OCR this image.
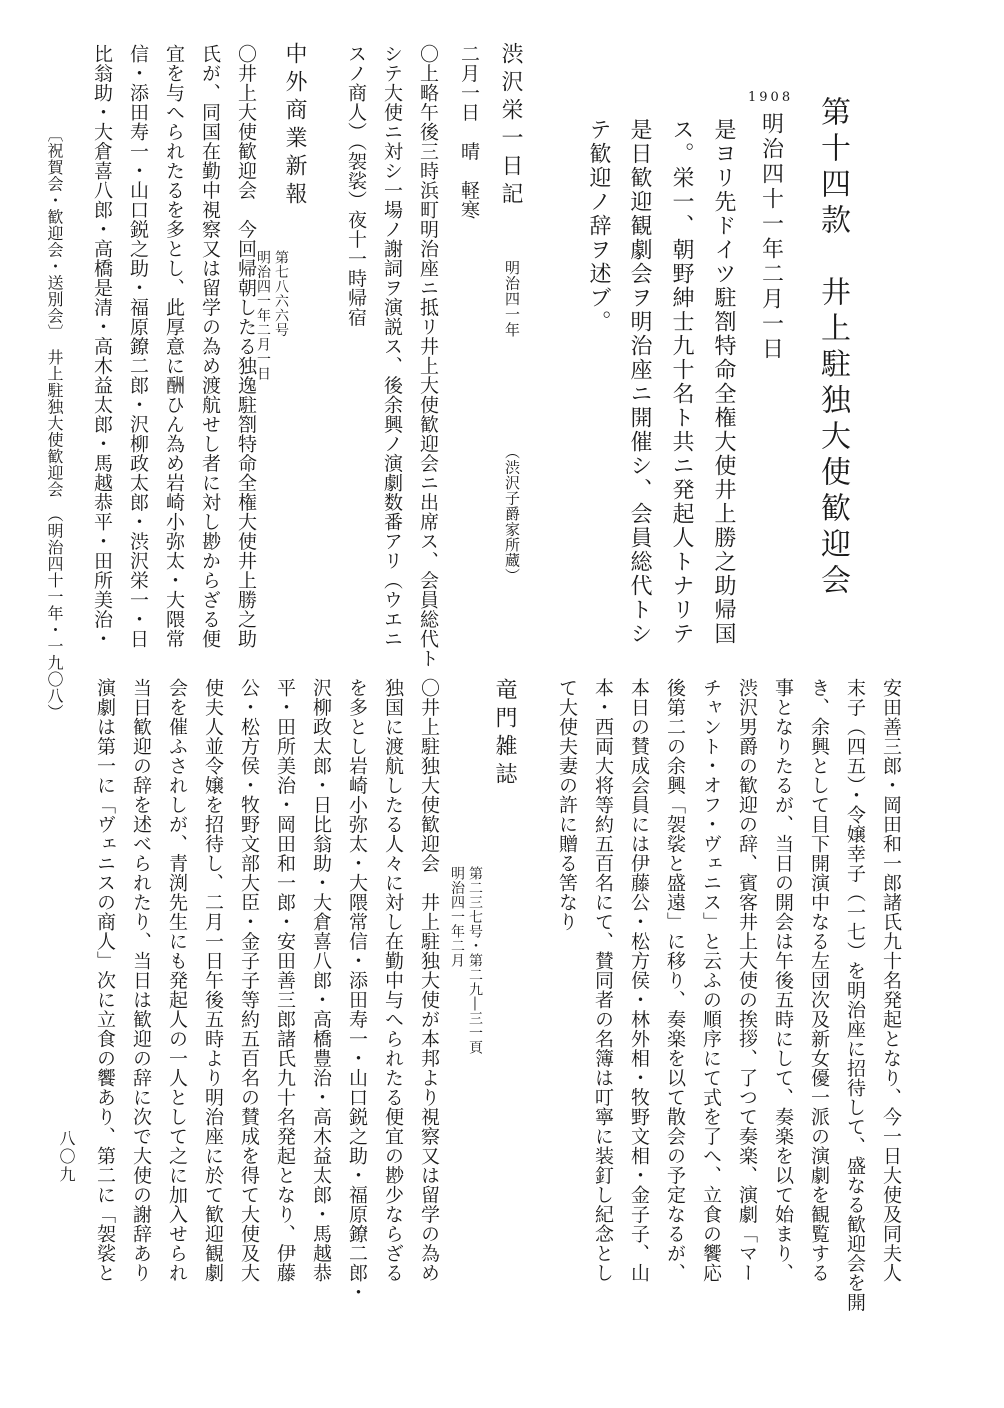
第十四款　井上駐独大使歓迎会
1908明治四十一年二月一日
是ヨリ先ドイツ駐劄特命全権大使井上勝之助帰国
ス。栄一、朝野紳士九十名ト共ニ発起人トナリテ
是日歓迎観劇会ヲ明治座ニ開催シ、会員総代トシ
テ歓迎ノ辞ヲ述ブ。
渋沢栄一日記
明治四一年
（渋沢子爵家所蔵）
二月一日　晴　軽寒
〇上略午後三時浜町明治座ニ抵リ井上大使歓迎会ニ出席ス、会員総代ト
シテ大使ニ対シ一場ノ謝詞ヲ演説ス、後余興ノ演劇数番アリ（ウエニ
スノ商人）（袈裟）夜十一時帰宿
中外商業新報
第七八六六号
明治四一年二月一日
〇井上大使歓迎会　今回帰朝したる独逸駐劄特命全権大使井上勝之助
氏が、同国在勤中視察又は留学の為め渡航せし者に対し尠からざる便
宜を与へられたるを多とし、此厚意に酬ひん為め岩崎小弥太・大隈常
信・添田寿一・山口鋭之助・福原鐐二郎・沢柳政太郎・渋沢栄一・日
比翁助・大倉喜八郎・高橋是清・高木益太郎・馬越恭平・田所美治・
〔祝賀会・歓迎会・送別会〕　井上駐独大使歓迎会　（明治四十一年・一九〇八）
安田善三郎・岡田和一郎諸氏九十名発起となり、今一日大使及同夫人
末子（四五）・令嬢幸子（一七）を明治座に招待して、盛なる歓迎会を開
き、余興として目下開演中なる左団次及新女優一派の演劇を観覧する
事となりたるが、当日の開会は午後五時にして、奏楽を以て始まり、
渋沢男爵の歓迎の辞、賓客井上大使の挨拶、了つて奏楽、演劇「マー
チャント・オフ・ヴェニス」と云ふの順序にて式を了へ、立食の饗応
後第二の余興「袈裟と盛遠」に移り、奏楽を以て散会の予定なるが、
本日の賛成会員には伊藤公・松方侯・林外相・牧野文相・金子子、山
本・西両大将等約五百名にて、賛同者の名簿は叮寧に装釘し紀念とし
て大使夫妻の許に贈る筈なり
竜門雑誌
第二三七号・第二九―三一頁
明治四一年二月
〇井上駐独大使歓迎会　井上駐独大使が本邦より視察又は留学の為め
独国に渡航したる人々に対し在勤中与へられたる便宜の尠少ならざる
を多とし岩崎小弥太・大隈常信・添田寿一・山口鋭之助・福原鐐二郎・
沢柳政太郎・日比翁助・大倉喜八郎・高橋豊治・高木益太郎・馬越恭
平・田所美治・岡田和一郎・安田善三郎諸氏九十名発起となり、伊藤
公・松方侯・牧野文部大臣・金子子等約五百名の賛成を得て大使及大
使夫人並令嬢を招待し、二月一日午後五時より明治座に於て歓迎観劇
会を催ふされしが、青渕先生にも発起人の一人として之に加入せられ
当日歓迎の辞を述べられたり、当日は歓迎の辞に次で大使の謝辞あり
演劇は第一に「ヴェニスの商人」次に立食の饗あり、第二に「袈裟と
八〇九
